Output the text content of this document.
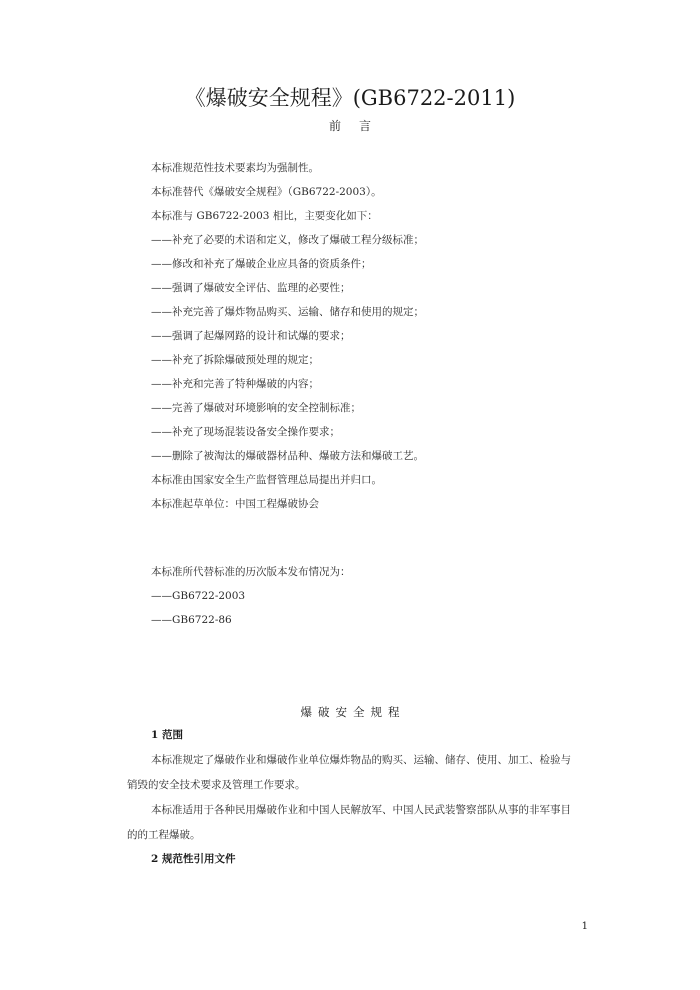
《爆破安全规程》(GB6722-2011)
前言
本标准规范性技术要素均为强制性。
本标准替代《爆破安全规程》（GB6722-2003）。
本标准与 GB6722-2003 相比，主要变化如下：
——补充了必要的术语和定义，修改了爆破工程分级标准；
——修改和补充了爆破企业应具备的资质条件；
——强调了爆破安全评估、监理的必要性；
——补充完善了爆炸物品购买、运输、储存和使用的规定；
——强调了起爆网路的设计和试爆的要求；
——补充了拆除爆破预处理的规定；
——补充和完善了特种爆破的内容；
——完善了爆破对环境影响的安全控制标准；
——补充了现场混装设备安全操作要求；
——删除了被淘汰的爆破器材品种、爆破方法和爆破工艺。
本标准由国家安全生产监督管理总局提出并归口。
本标准起草单位：中国工程爆破协会
本标准所代替标准的历次版本发布情况为：
——GB6722-2003
——GB6722-86
爆破安全规程
1 范围
本标准规定了爆破作业和爆破作业单位爆炸物品的购买、运输、储存、使用、加工、检验与销毁的安全技术要求及管理工作要求。
本标准适用于各种民用爆破作业和中国人民解放军、中国人民武装警察部队从事的非军事目的的工程爆破。
2 规范性引用文件
1
